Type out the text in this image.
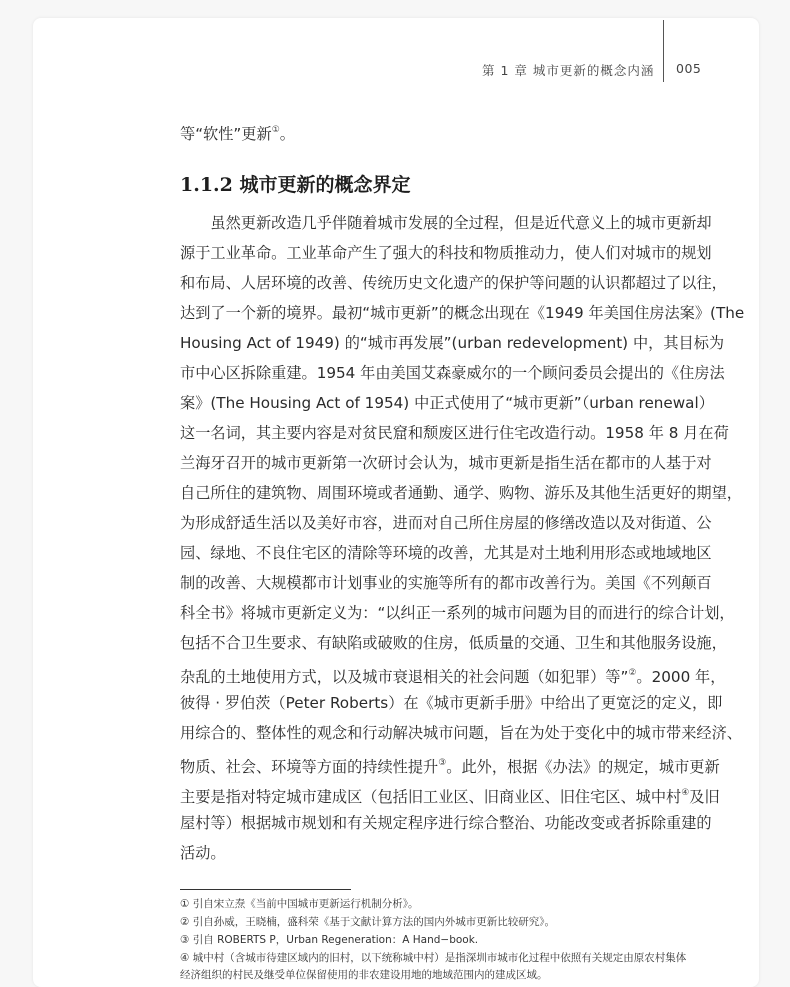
第 1 章 城市更新的概念内涵 005
等“软性”更新①。
1.1.2 城市更新的概念界定
　　虽然更新改造几乎伴随着城市发展的全过程，但是近代意义上的城市更新却
源于工业革命。工业革命产生了强大的科技和物质推动力，使人们对城市的规划
和布局、人居环境的改善、传统历史文化遗产的保护等问题的认识都超过了以往，
达到了一个新的境界。最初“城市更新”的概念出现在《1949 年美国住房法案》(The
Housing Act of 1949) 的“城市再发展”(urban redevelopment) 中，其目标为
市中心区拆除重建。1954 年由美国艾森豪威尔的一个顾问委员会提出的《住房法
案》(The Housing Act of 1954) 中正式使用了“城市更新”（urban renewal）
这一名词，其主要内容是对贫民窟和颓废区进行住宅改造行动。1958 年 8 月在荷
兰海牙召开的城市更新第一次研讨会认为，城市更新是指生活在都市的人基于对
自己所住的建筑物、周围环境或者通勤、通学、购物、游乐及其他生活更好的期望，
为形成舒适生活以及美好市容，进而对自己所住房屋的修缮改造以及对街道、公
园、绿地、不良住宅区的清除等环境的改善，尤其是对土地利用形态或地域地区
制的改善、大规模都市计划事业的实施等所有的都市改善行为。美国《不列颠百
科全书》将城市更新定义为：“以纠正一系列的城市问题为目的而进行的综合计划，
包括不合卫生要求、有缺陷或破败的住房，低质量的交通、卫生和其他服务设施，
杂乱的土地使用方式，以及城市衰退相关的社会问题（如犯罪）等”②。2000 年，
彼得 · 罗伯茨（Peter Roberts）在《城市更新手册》中给出了更宽泛的定义，即
用综合的、整体性的观念和行动解决城市问题，旨在为处于变化中的城市带来经济、
物质、社会、环境等方面的持续性提升③。此外，根据《办法》的规定，城市更新
主要是指对特定城市建成区（包括旧工业区、旧商业区、旧住宅区、城中村④及旧
屋村等）根据城市规划和有关规定程序进行综合整治、功能改变或者拆除重建的
活动。
① 引自宋立焘《当前中国城市更新运行机制分析》。
② 引自孙威，王晓楠，盛科荣《基于文献计算方法的国内外城市更新比较研究》。
③ 引自 ROBERTS P，Urban Regeneration：A Hand−book.
④ 城中村（含城市待建区域内的旧村，以下统称城中村）是指深圳市城市化过程中依照有关规定由原农村集体
经济组织的村民及继受单位保留使用的非农建设用地的地域范围内的建成区域。
